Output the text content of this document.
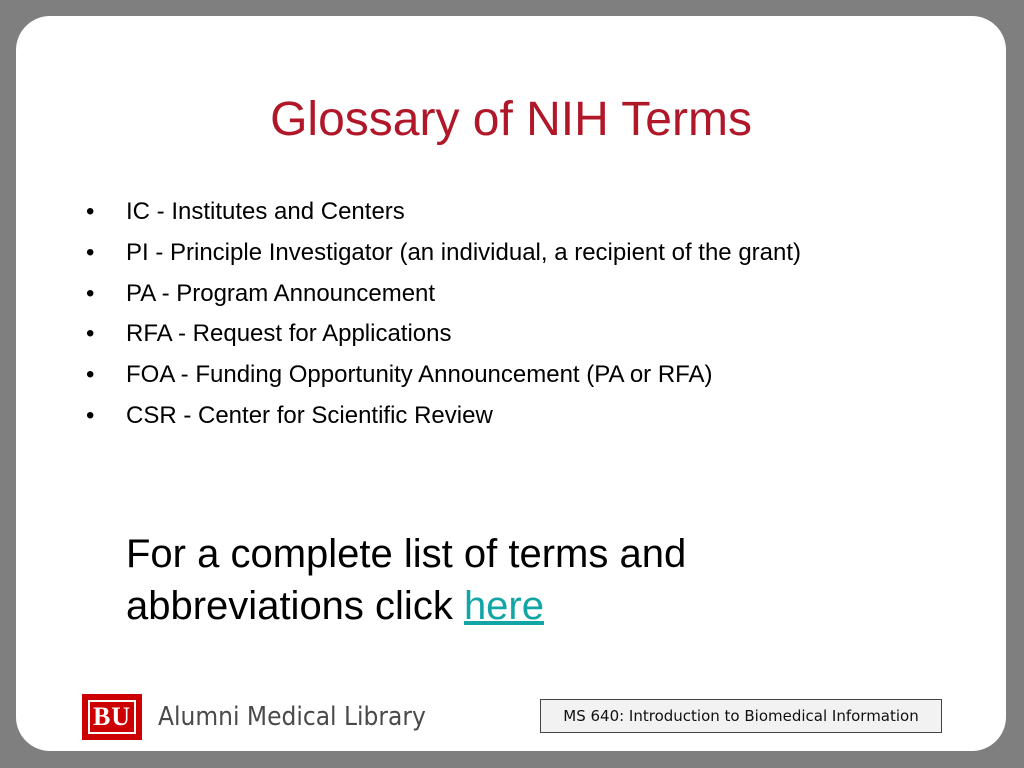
Glossary of NIH Terms
•	IC - Institutes and Centers
•	PI - Principle Investigator (an individual, a recipient of the grant)
•	PA - Program Announcement
•	RFA - Request for Applications
•	FOA - Funding Opportunity Announcement (PA or RFA)
•	CSR - Center for Scientific Review
For a complete list of terms and abbreviations click here
BU Alumni Medical Library	MS 640: Introduction to Biomedical Information
